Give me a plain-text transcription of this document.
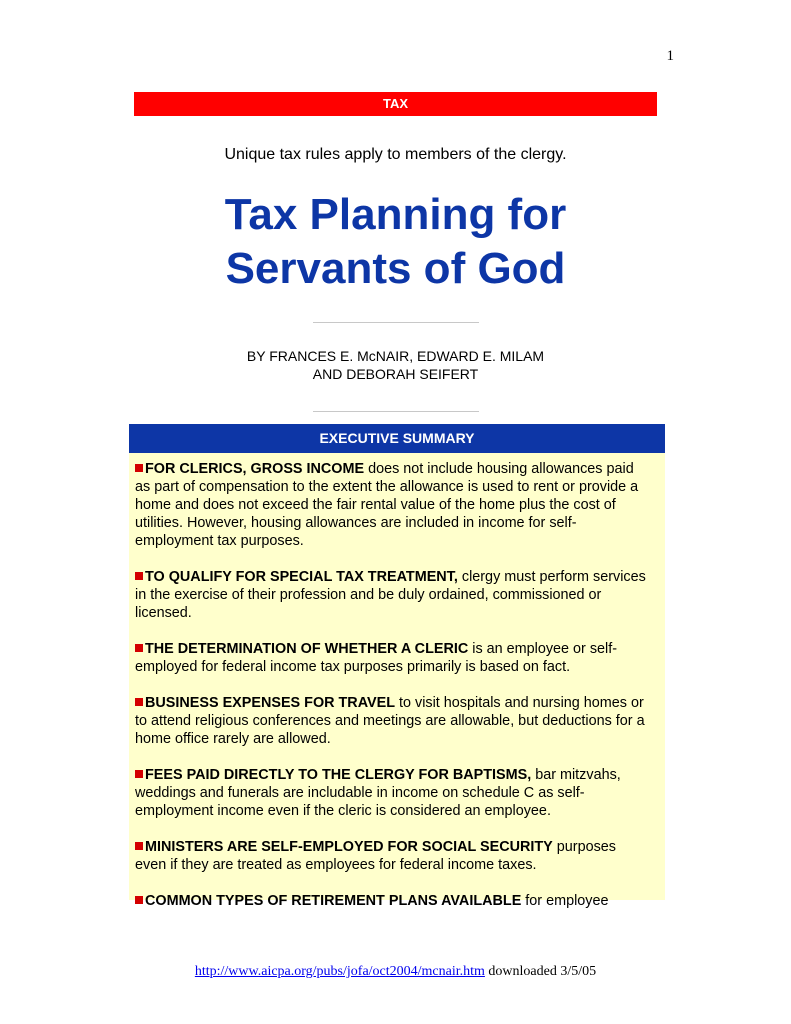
1
TAX
Unique tax rules apply to members of the clergy.
Tax Planning for
Servants of God
BY FRANCES E. McNAIR, EDWARD E. MILAM
AND DEBORAH SEIFERT
EXECUTIVE SUMMARY
FOR CLERICS, GROSS INCOME does not include housing allowances paid as part of compensation to the extent the allowance is used to rent or provide a home and does not exceed the fair rental value of the home plus the cost of utilities. However, housing allowances are included in income for self-employment tax purposes.
TO QUALIFY FOR SPECIAL TAX TREATMENT, clergy must perform services in the exercise of their profession and be duly ordained, commissioned or licensed.
THE DETERMINATION OF WHETHER A CLERIC is an employee or self-employed for federal income tax purposes primarily is based on fact.
BUSINESS EXPENSES FOR TRAVEL to visit hospitals and nursing homes or to attend religious conferences and meetings are allowable, but deductions for a home office rarely are allowed.
FEES PAID DIRECTLY TO THE CLERGY FOR BAPTISMS, bar mitzvahs, weddings and funerals are includable in income on schedule C as self-employment income even if the cleric is considered an employee.
MINISTERS ARE SELF-EMPLOYED FOR SOCIAL SECURITY purposes even if they are treated as employees for federal income taxes.
COMMON TYPES OF RETIREMENT PLANS AVAILABLE for employee
http://www.aicpa.org/pubs/jofa/oct2004/mcnair.htm downloaded 3/5/05
